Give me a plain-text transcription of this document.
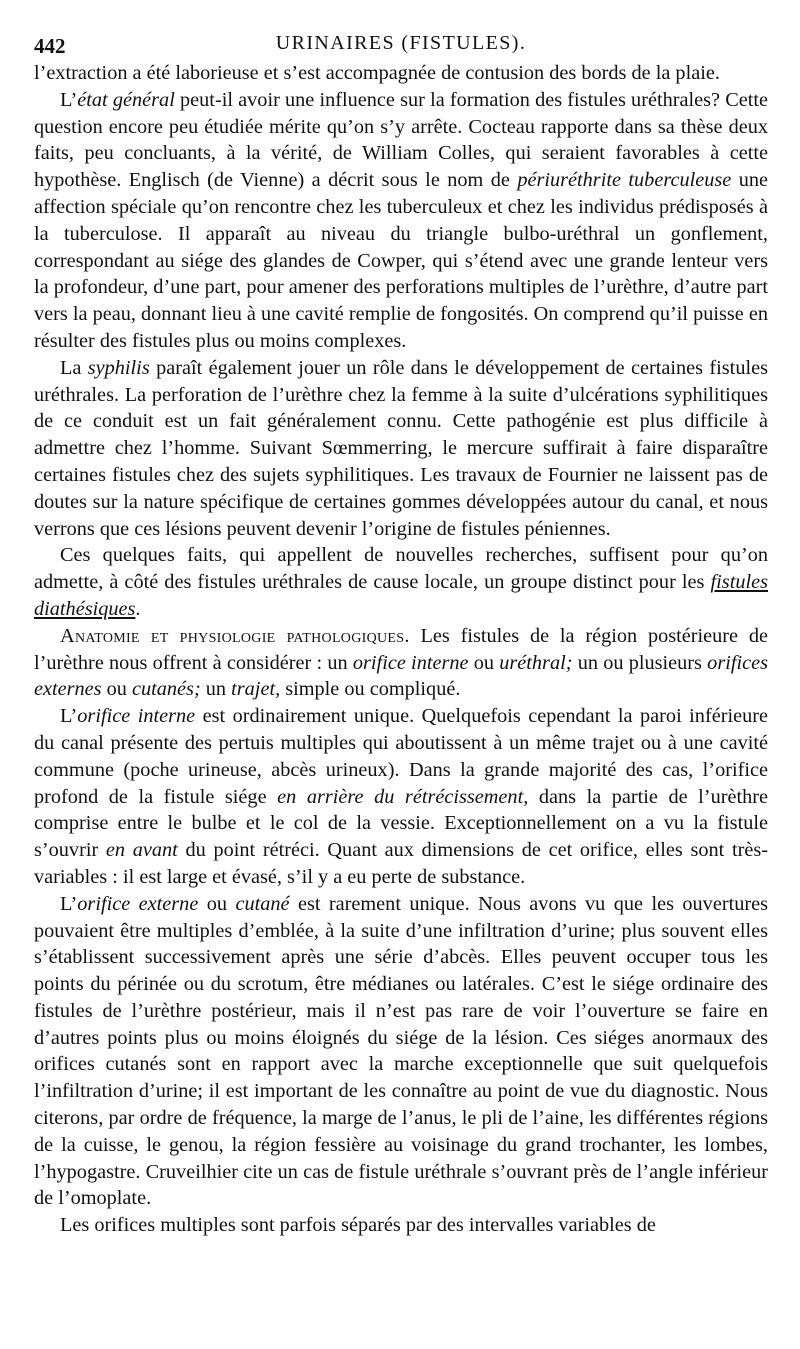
442	URINAIRES (FISTULES).

l’extraction a été laborieuse et s’est accompagnée de contusion des bords de la plaie.

L’état général peut-il avoir une influence sur la formation des fistules uréthrales? Cette question encore peu étudiée mérite qu’on s’y arrête. Cocteau rapporte dans sa thèse deux faits, peu concluants, à la vérité, de William Colles, qui seraient favorables à cette hypothèse. Englisch (de Vienne) a décrit sous le nom de périuréthrite tuberculeuse une affection spéciale qu’on rencontre chez les tuberculeux et chez les individus prédisposés à la tuberculose. Il apparaît au niveau du triangle bulbo-uréthral un gonflement, correspondant au siége des glandes de Cowper, qui s’étend avec une grande lenteur vers la profondeur, d’une part, pour amener des perforations multiples de l’urèthre, d’autre part vers la peau, donnant lieu à une cavité remplie de fongosités. On comprend qu’il puisse en résulter des fistules plus ou moins complexes.

La syphilis paraît également jouer un rôle dans le développement de certaines fistules uréthrales. La perforation de l’urèthre chez la femme à la suite d’ulcérations syphilitiques de ce conduit est un fait généralement connu. Cette pathogénie est plus difficile à admettre chez l’homme. Suivant Sœmmerring, le mercure suffirait à faire disparaître certaines fistules chez des sujets syphilitiques. Les travaux de Fournier ne laissent pas de doutes sur la nature spécifique de certaines gommes développées autour du canal, et nous verrons que ces lésions peuvent devenir l’origine de fistules péniennes.

Ces quelques faits, qui appellent de nouvelles recherches, suffisent pour qu’on admette, à côté des fistules uréthrales de cause locale, un groupe distinct pour les fistules diathésiques.

Anatomie et physiologie pathologiques. Les fistules de la région postérieure de l’urèthre nous offrent à considérer : un orifice interne ou uréthral; un ou plusieurs orifices externes ou cutanés; un trajet, simple ou compliqué.

L’orifice interne est ordinairement unique. Quelquefois cependant la paroi inférieure du canal présente des pertuis multiples qui aboutissent à un même trajet ou à une cavité commune (poche urineuse, abcès urineux). Dans la grande majorité des cas, l’orifice profond de la fistule siége en arrière du rétrécissement, dans la partie de l’urèthre comprise entre le bulbe et le col de la vessie. Exceptionnellement on a vu la fistule s’ouvrir en avant du point rétréci. Quant aux dimensions de cet orifice, elles sont très-variables : il est large et évasé, s’il y a eu perte de substance.

L’orifice externe ou cutané est rarement unique. Nous avons vu que les ouvertures pouvaient être multiples d’emblée, à la suite d’une infiltration d’urine; plus souvent elles s’établissent successivement après une série d’abcès. Elles peuvent occuper tous les points du périnée ou du scrotum, être médianes ou latérales. C’est le siége ordinaire des fistules de l’urèthre postérieur, mais il n’est pas rare de voir l’ouverture se faire en d’autres points plus ou moins éloignés du siége de la lésion. Ces siéges anormaux des orifices cutanés sont en rapport avec la marche exceptionnelle que suit quelquefois l’infiltration d’urine; il est important de les connaître au point de vue du diagnostic. Nous citerons, par ordre de fréquence, la marge de l’anus, le pli de l’aine, les différentes régions de la cuisse, le genou, la région fessière au voisinage du grand trochanter, les lombes, l’hypogastre. Cruveilhier cite un cas de fistule uréthrale s’ouvrant près de l’angle inférieur de l’omoplate.

Les orifices multiples sont parfois séparés par des intervalles variables de
